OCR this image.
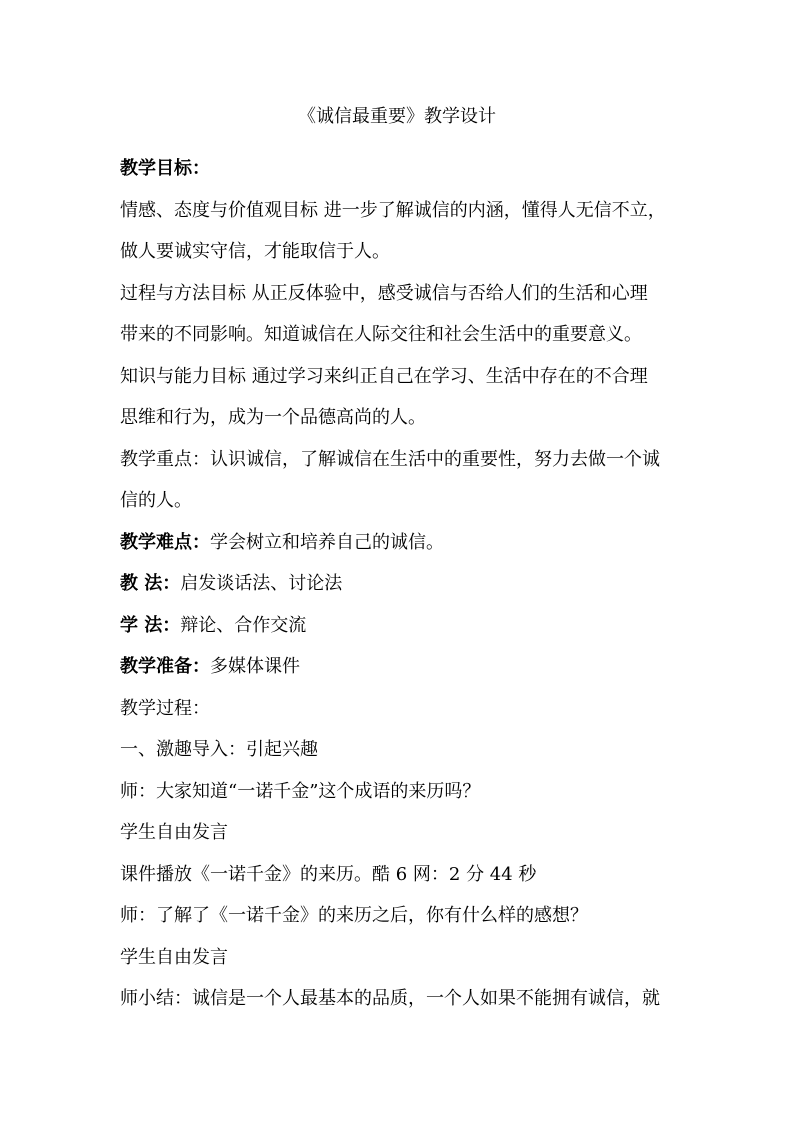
《诚信最重要》教学设计
教学目标：
情感、态度与价值观目标 进一步了解诚信的内涵，懂得人无信不立，
做人要诚实守信，才能取信于人。
过程与方法目标 从正反体验中，感受诚信与否给人们的生活和心理
带来的不同影响。知道诚信在人际交往和社会生活中的重要意义。
知识与能力目标 通过学习来纠正自己在学习、生活中存在的不合理
思维和行为，成为一个品德高尚的人。
教学重点：认识诚信，了解诚信在生活中的重要性，努力去做一个诚
信的人。
教学难点：学会树立和培养自己的诚信。
教 法：启发谈话法、讨论法
学 法：辩论、合作交流
教学准备：多媒体课件
教学过程：
一、激趣导入：引起兴趣
师：大家知道“一诺千金”这个成语的来历吗？
学生自由发言
课件播放《一诺千金》的来历。酷 6 网：2 分 44 秒
师：了解了《一诺千金》的来历之后，你有什么样的感想？
学生自由发言
师小结：诚信是一个人最基本的品质，一个人如果不能拥有诚信，就
